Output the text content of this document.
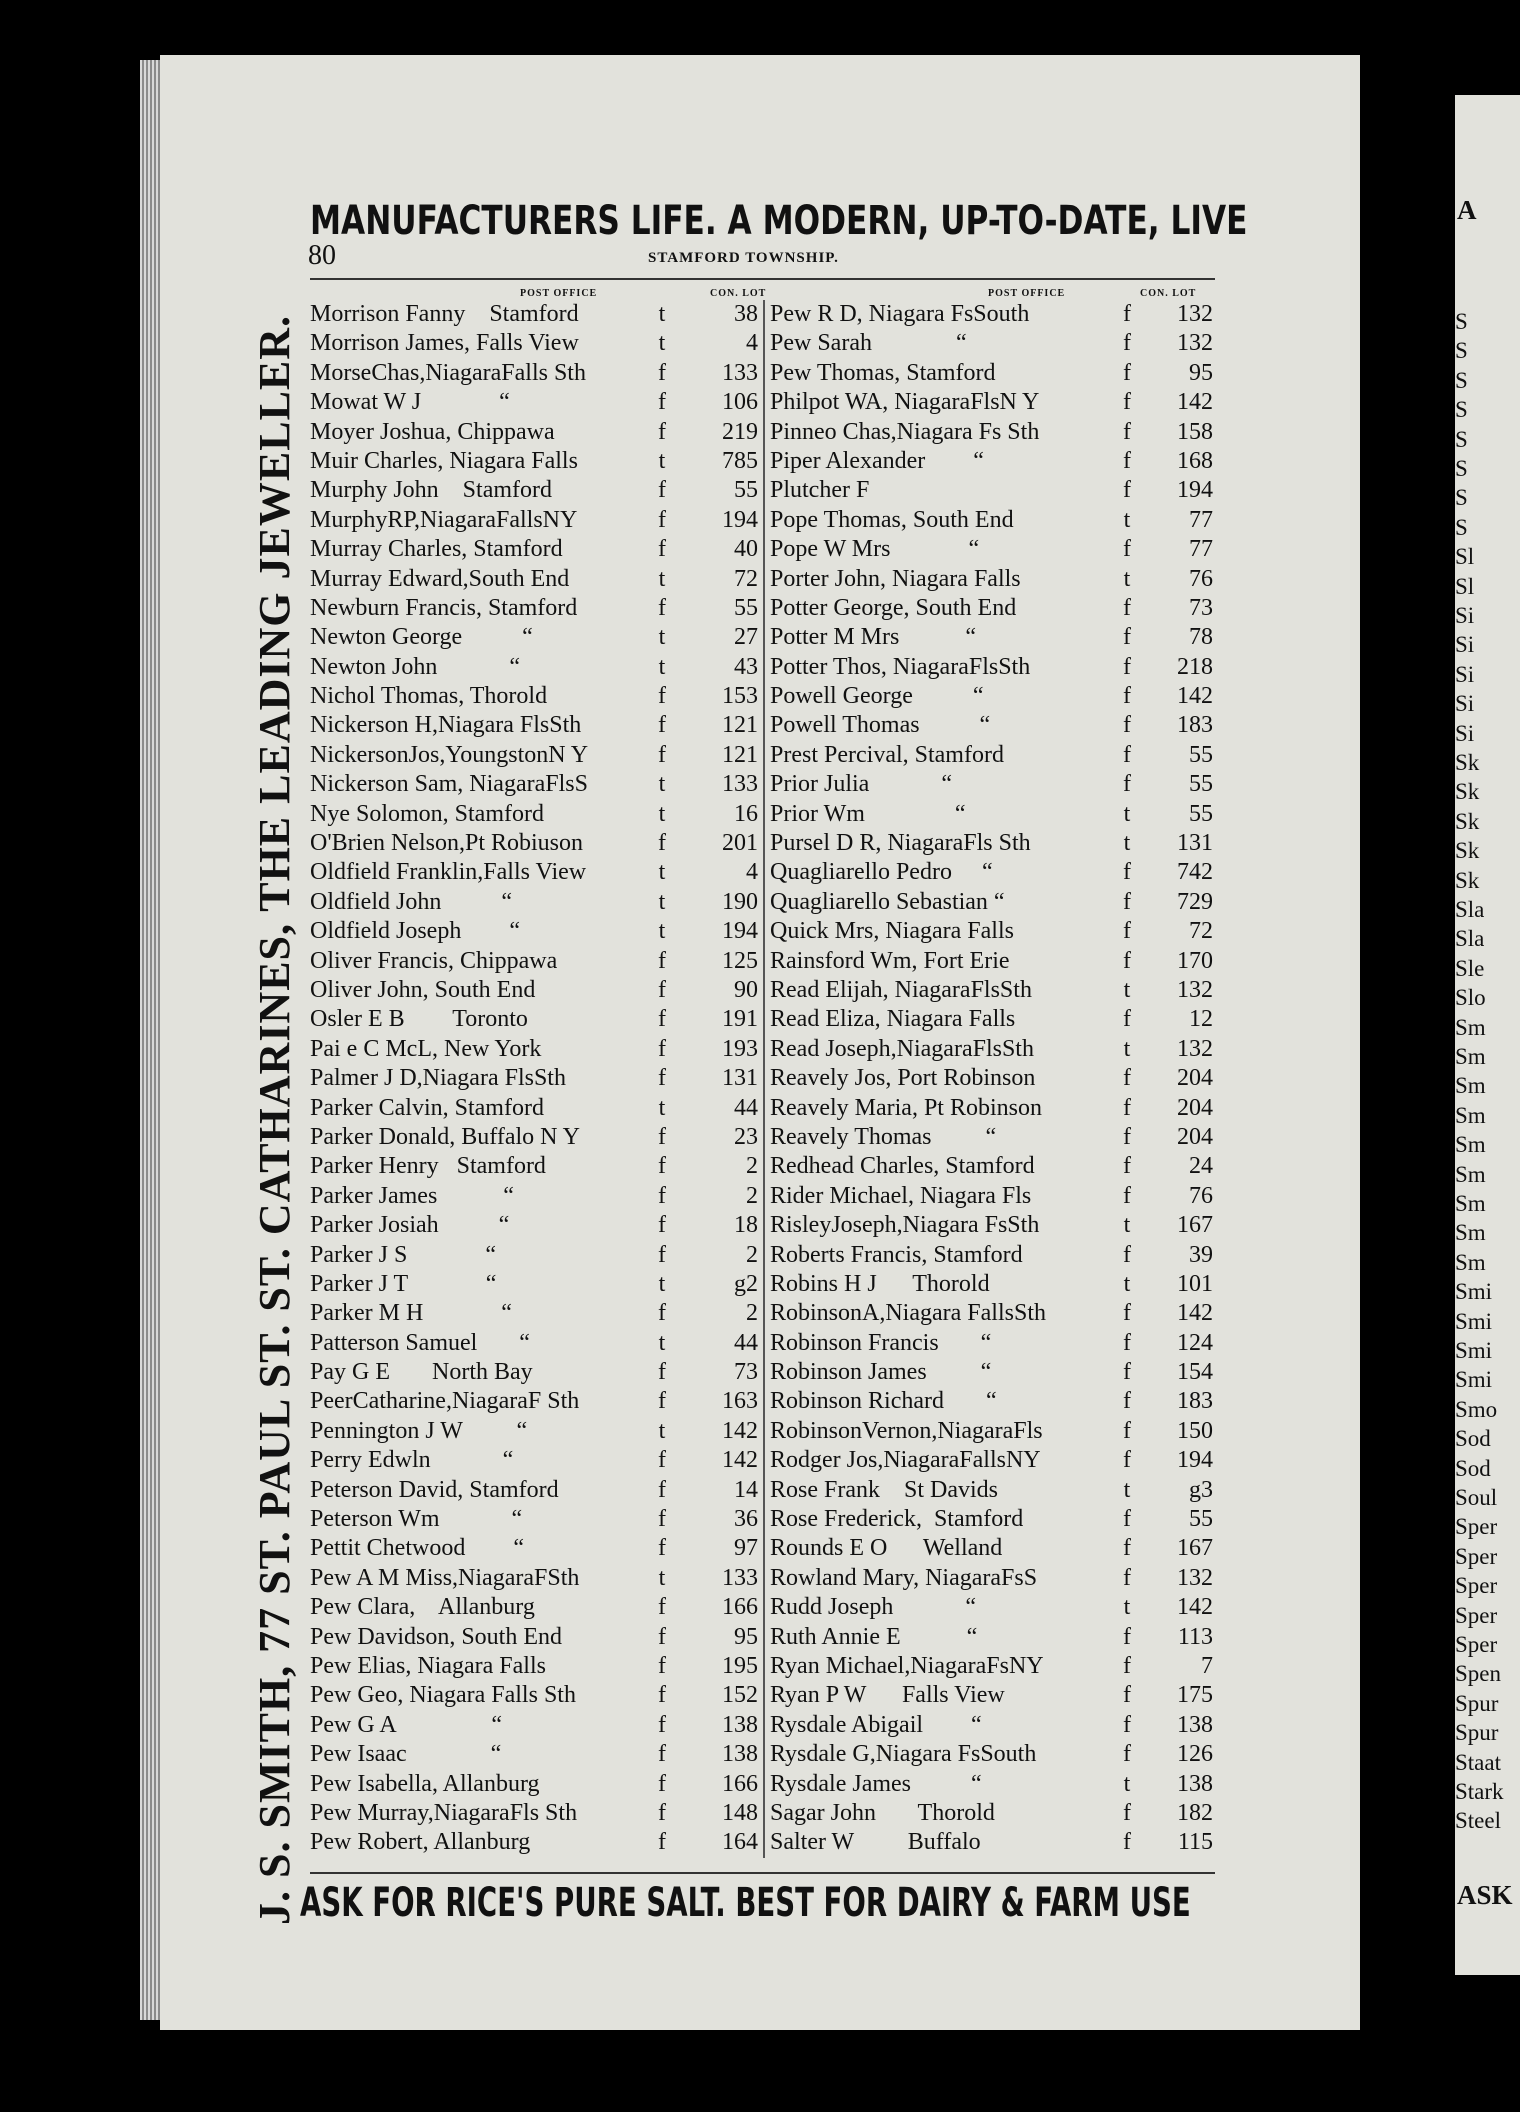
A
S
S
S
S
S
S
S
S
Sl
Sl
Si
Si
Si
Si
Si
Sk
Sk
Sk
Sk
Sk
Sla
Sla
Sle
Slo
Sm
Sm
Sm
Sm
Sm
Sm
Sm
Sm
Sm
Smi
Smi
Smi
Smi
Smo
Sod
Sod
Soul
Sper
Sper
Sper
Sper
Sper
Spen
Spur
Spur
Staat
Stark
Steel
ASK
J. S. SMITH, 77 ST. PAUL ST. ST. CATHARINES, THE LEADING JEWELLER.
MANUFACTURERS LIFE. A MODERN, UP-TO-DATE, LIVE
80	STAMFORD TOWNSHIP.
POST OFFICE	CON. LOT	POST OFFICE	CON. LOT
Morrison Fanny    Stamford	t	38
Morrison James, Falls View	t	4
MorseChas,NiagaraFalls Sth	f	133
Mowat W J             “	f	106
Moyer Joshua, Chippawa	f	219
Muir Charles, Niagara Falls	t	785
Murphy John    Stamford	f	55
MurphyRP,NiagaraFallsNY	f	194
Murray Charles, Stamford	f	40
Murray Edward,South End	t	72
Newburn Francis, Stamford	f	55
Newton George          “	t	27
Newton John            “	t	43
Nichol Thomas, Thorold	f	153
Nickerson H,Niagara FlsSth	f	121
NickersonJos,YoungstonN Y	f	121
Nickerson Sam, NiagaraFlsS	t	133
Nye Solomon, Stamford	t	16
O'Brien Nelson,Pt Robiuson	f	201
Oldfield Franklin,Falls View	t	4
Oldfield John          “	t	190
Oldfield Joseph        “	t	194
Oliver Francis, Chippawa	f	125
Oliver John, South End	f	90
Osler E B        Toronto	f	191
Pai e C McL, New York	f	193
Palmer J D,Niagara FlsSth	f	131
Parker Calvin, Stamford	t	44
Parker Donald, Buffalo N Y	f	23
Parker Henry   Stamford	f	2
Parker James           “	f	2
Parker Josiah          “	f	18
Parker J S             “	f	2
Parker J T             “	t	g2
Parker M H             “	f	2
Patterson Samuel       “	t	44
Pay G E       North Bay	f	73
PeerCatharine,NiagaraF Sth	f	163
Pennington J W         “	t	142
Perry Edwln            “	f	142
Peterson David, Stamford	f	14
Peterson Wm            “	f	36
Pettit Chetwood        “	f	97
Pew A M Miss,NiagaraFSth	t	133
Pew Clara,    Allanburg	f	166
Pew Davidson, South End	f	95
Pew Elias, Niagara Falls	f	195
Pew Geo, Niagara Falls Sth	f	152
Pew G A                “	f	138
Pew Isaac              “	f	138
Pew Isabella, Allanburg	f	166
Pew Murray,NiagaraFls Sth	f	148
Pew Robert, Allanburg	f	164
Pew R D, Niagara FsSouth	f	132
Pew Sarah              “	f	132
Pew Thomas, Stamford	f	95
Philpot WA, NiagaraFlsN Y	f	142
Pinneo Chas,Niagara Fs Sth	f	158
Piper Alexander        “	f	168
Plutcher F	f	194
Pope Thomas, South End	t	77
Pope W Mrs             “	f	77
Porter John, Niagara Falls	t	76
Potter George, South End	f	73
Potter M Mrs           “	f	78
Potter Thos, NiagaraFlsSth	f	218
Powell George          “	f	142
Powell Thomas          “	f	183
Prest Percival, Stamford	f	55
Prior Julia            “	f	55
Prior Wm               “	t	55
Pursel D R, NiagaraFls Sth	t	131
Quagliarello Pedro     “	f	742
Quagliarello Sebastian “	f	729
Quick Mrs, Niagara Falls	f	72
Rainsford Wm, Fort Erie	f	170
Read Elijah, NiagaraFlsSth	t	132
Read Eliza, Niagara Falls	f	12
Read Joseph,NiagaraFlsSth	t	132
Reavely Jos, Port Robinson	f	204
Reavely Maria, Pt Robinson	f	204
Reavely Thomas         “	f	204
Redhead Charles, Stamford	f	24
Rider Michael, Niagara Fls	f	76
RisleyJoseph,Niagara FsSth	t	167
Roberts Francis, Stamford	f	39
Robins H J      Thorold	t	101
RobinsonA,Niagara FallsSth	f	142
Robinson Francis       “	f	124
Robinson James         “	f	154
Robinson Richard       “	f	183
RobinsonVernon,NiagaraFls	f	150
Rodger Jos,NiagaraFallsNY	f	194
Rose Frank    St Davids	t	g3
Rose Frederick,  Stamford	f	55
Rounds E O      Welland	f	167
Rowland Mary, NiagaraFsS	f	132
Rudd Joseph            “	t	142
Ruth Annie E           “	f	113
Ryan Michael,NiagaraFsNY	f	7
Ryan P W      Falls View	f	175
Rysdale Abigail        “	f	138
Rysdale G,Niagara FsSouth	f	126
Rysdale James          “	t	138
Sagar John       Thorold	f	182
Salter W         Buffalo	f	115
ASK FOR RICE'S PURE SALT. BEST FOR DAIRY & FARM USE
